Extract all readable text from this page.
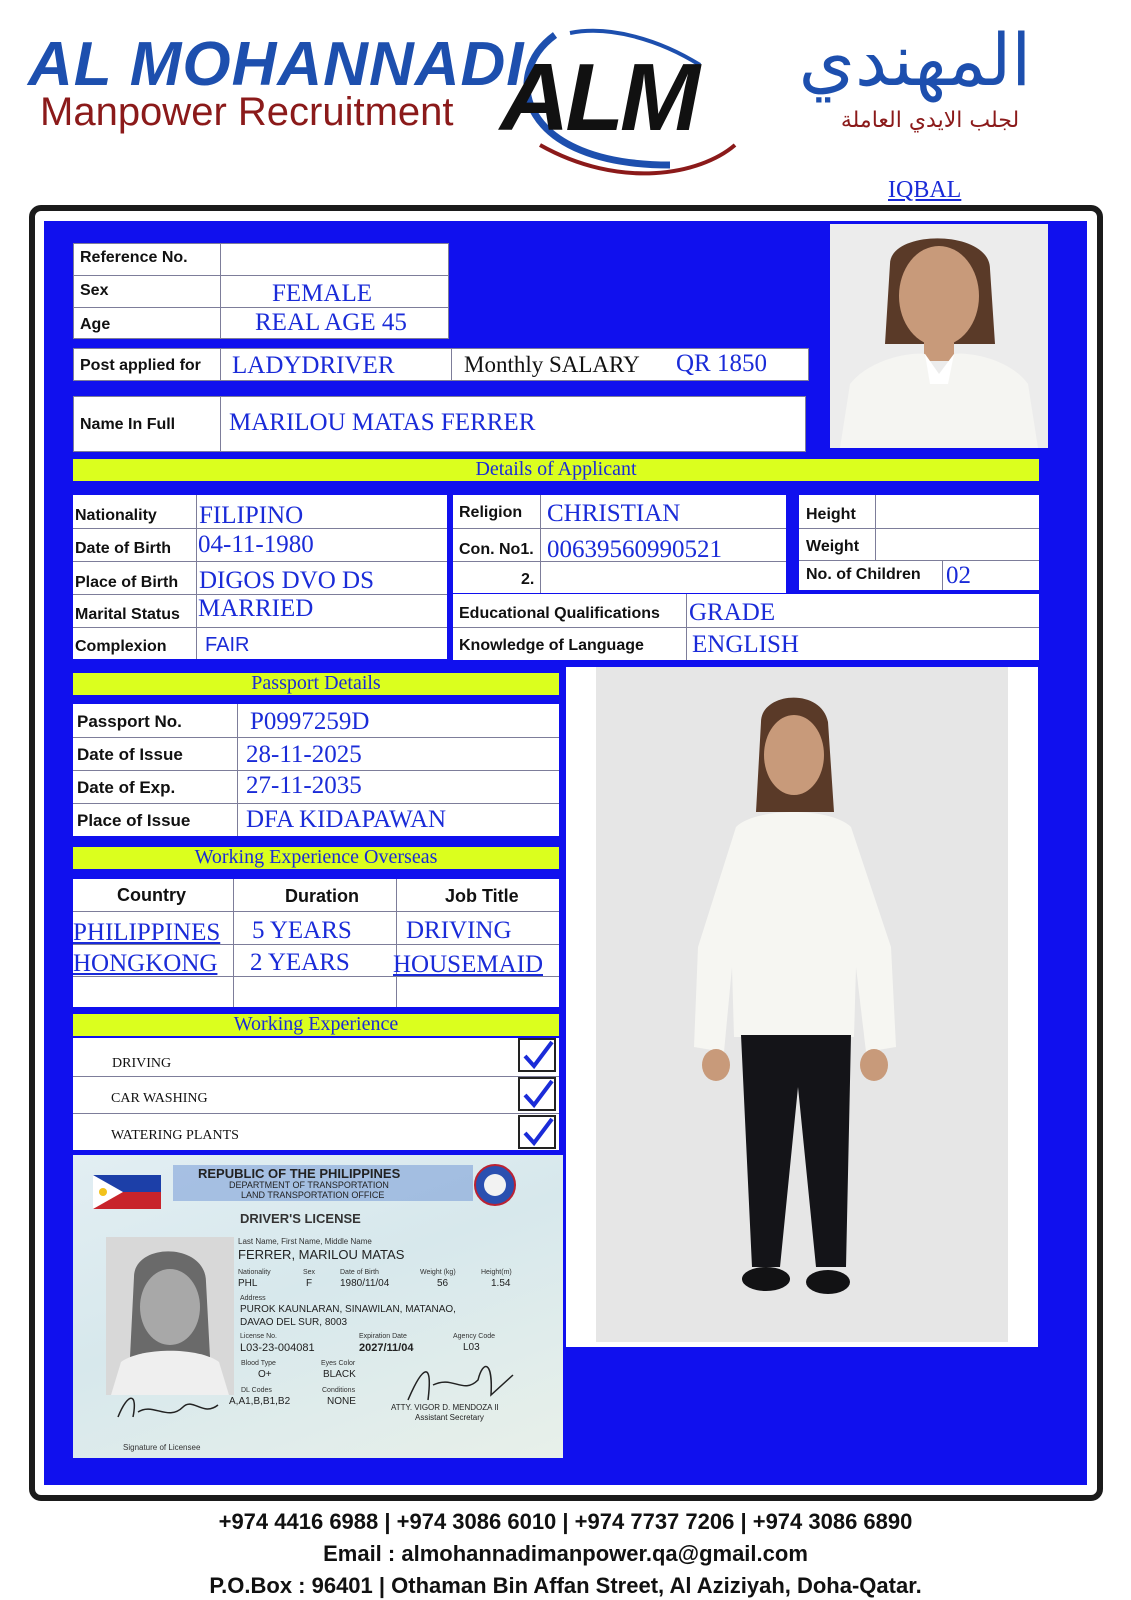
AL MOHANNADI
Manpower Recruitment ALM	المهندي
لجلب الايدي العاملة
IQBAL
Reference No.
Sex	FEMALE
Age	REAL AGE 45
Post applied for LADYDRIVER	Monthly SALARY QR 1850
Name In Full MARILOU MATAS FERRER
Details of Applicant
Nationality FILIPINO
Date of Birth 04-11-1980
Place of Birth DIGOS DVO DS
Marital Status MARRIED
Complexion FAIR
Religion CHRISTIAN
Con. No1. 00639560990521
2.
Height
Weight
No. of Children 02
Educational Qualifications GRADE
Knowledge of Language ENGLISH
Passport Details
Passport No.	P0997259D
Date of Issue	28-11-2025
Date of Exp.	27-11-2035
Place of Issue DFA KIDAPAWAN
Working Experience Overseas
Country	Duration	Job Title
PHILIPPINES 5 YEARS DRIVING
HONGKONG 2 YEARS HOUSEMAID
Working Experience
DRIVING
CAR WASHING
WATERING PLANTS
REPUBLIC OF THE PHILIPPINES
DEPARTMENT OF TRANSPORTATION
LAND TRANSPORTATION OFFICE
DRIVER'S LICENSE
Last Name, First Name, Middle Name
FERRER, MARILOU MATAS
Nationality
PHL
Sex
F
Date of Birth
1980/11/04
Weight (kg)
56
Height(m)
1.54
Address
PUROK KAUNLARAN, SINAWILAN, MATANAO,
DAVAO DEL SUR, 8003
License No.
L03-23-004081
Expiration Date
2027/11/04
Agency Code
L03
Blood Type
O+
Eyes Color
BLACK
DL Codes
A,A1,B,B1,B2
Conditions
NONE
ATTY. VIGOR D. MENDOZA II
Assistant Secretary
Signature of Licensee
+974 4416 6988 | +974 3086 6010 | +974 7737 7206 | +974 3086 6890
Email : almohannadimanpower.qa@gmail.com
P.O.Box : 96401 | Othaman Bin Affan Street, Al Aziziyah, Doha-Qatar.
